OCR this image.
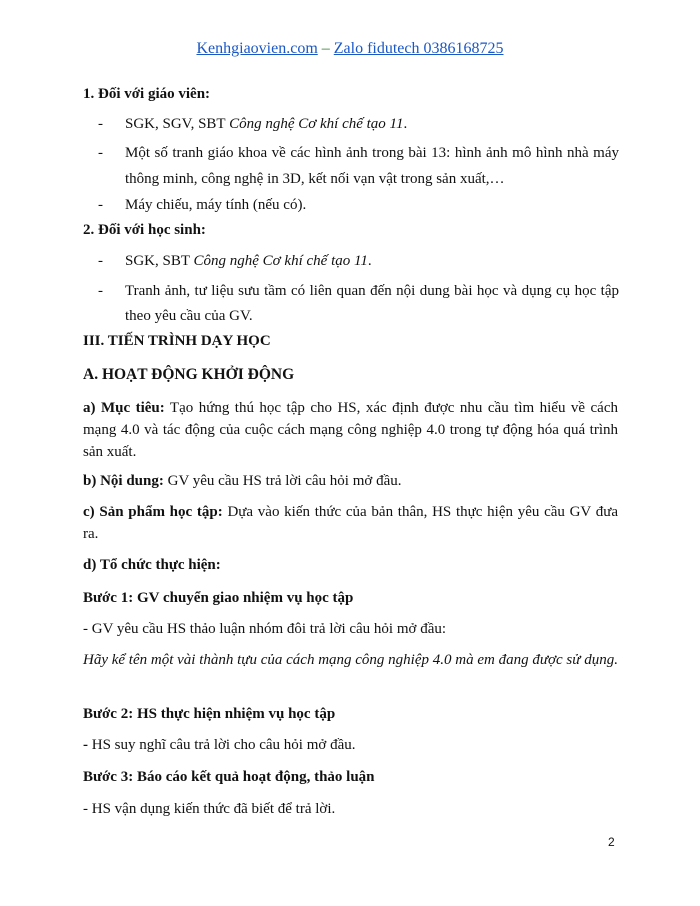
Kenhgiaovien.com – Zalo fidutech 0386168725
1. Đối với giáo viên:
- SGK, SGV, SBT Công nghệ Cơ khí chế tạo 11.
- Một số tranh giáo khoa về các hình ảnh trong bài 13: hình ảnh mô hình nhà máy thông minh, công nghệ in 3D, kết nối vạn vật trong sản xuất,…
- Máy chiếu, máy tính (nếu có).
2. Đối với học sinh:
- SGK, SBT Công nghệ Cơ khí chế tạo 11.
- Tranh ảnh, tư liệu sưu tầm có liên quan đến nội dung bài học và dụng cụ học tập theo yêu cầu của GV.
III. TIẾN TRÌNH DẠY HỌC
A. HOẠT ĐỘNG KHỞI ĐỘNG
a) Mục tiêu: Tạo hứng thú học tập cho HS, xác định được nhu cầu tìm hiểu về cách mạng 4.0 và tác động của cuộc cách mạng công nghiệp 4.0 trong tự động hóa quá trình sản xuất.
b) Nội dung: GV yêu cầu HS trả lời câu hỏi mở đầu.
c) Sản phẩm học tập: Dựa vào kiến thức của bản thân, HS thực hiện yêu cầu GV đưa ra.
d) Tổ chức thực hiện:
Bước 1: GV chuyển giao nhiệm vụ học tập
- GV yêu cầu HS thảo luận nhóm đôi trả lời câu hỏi mở đầu:
Hãy kể tên một vài thành tựu của cách mạng công nghiệp 4.0 mà em đang được sử dụng.
Bước 2: HS thực hiện nhiệm vụ học tập
- HS suy nghĩ câu trả lời cho câu hỏi mở đầu.
Bước 3: Báo cáo kết quả hoạt động, thảo luận
- HS vận dụng kiến thức đã biết để trả lời.
2
